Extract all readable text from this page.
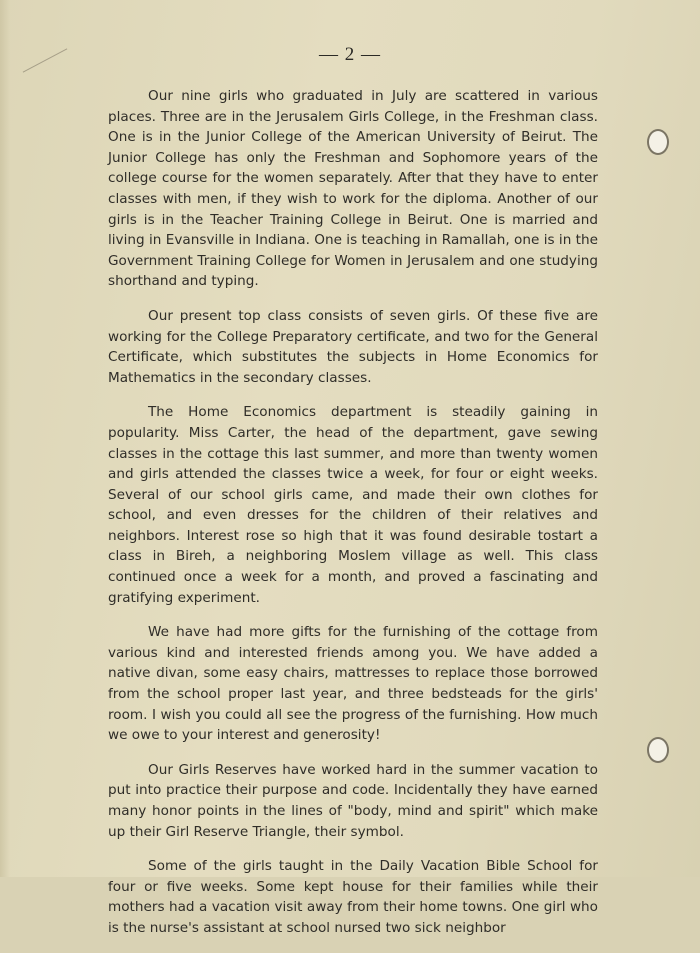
— 2 —

Our nine girls who graduated in July are scattered in various places. Three are in the Jerusalem Girls College, in the Freshman class. One is in the Junior College of the American University of Beirut. The Junior College has only the Freshman and Sophomore years of the college course for the women separately. After that they have to enter classes with men, if they wish to work for the diploma. Another of our girls is in the Teacher Training College in Beirut. One is married and living in Evansville in Indiana. One is teaching in Ramallah, one is in the Government Training College for Women in Jerusalem and one studying shorthand and typing.

Our present top class consists of seven girls. Of these five are working for the College Preparatory certificate, and two for the General Certificate, which substitutes the subjects in Home Economics for Mathematics in the secondary classes.

The Home Economics department is steadily gaining in popularity. Miss Carter, the head of the department, gave sewing classes in the cottage this last summer, and more than twenty women and girls attended the classes twice a week, for four or eight weeks. Several of our school girls came, and made their own clothes for school, and even dresses for the children of their relatives and neighbors. Interest rose so high that it was found desirable tostart a class in Bireh, a neighboring Moslem village as well. This class continued once a week for a month, and proved a fascinating and gratifying experiment.

We have had more gifts for the furnishing of the cottage from various kind and interested friends among you. We have added a native divan, some easy chairs, mattresses to replace those borrowed from the school proper last year, and three bedsteads for the girls' room. I wish you could all see the progress of the furnishing. How much we owe to your interest and generosity!

Our Girls Reserves have worked hard in the summer vacation to put into practice their purpose and code. Incidentally they have earned many honor points in the lines of "body, mind and spirit" which make up their Girl Reserve Triangle, their symbol.

Some of the girls taught in the Daily Vacation Bible School for four or five weeks. Some kept house for their families while their mothers had a vacation visit away from their home towns. One girl who is the nurse's assistant at school nursed two sick neighbor
